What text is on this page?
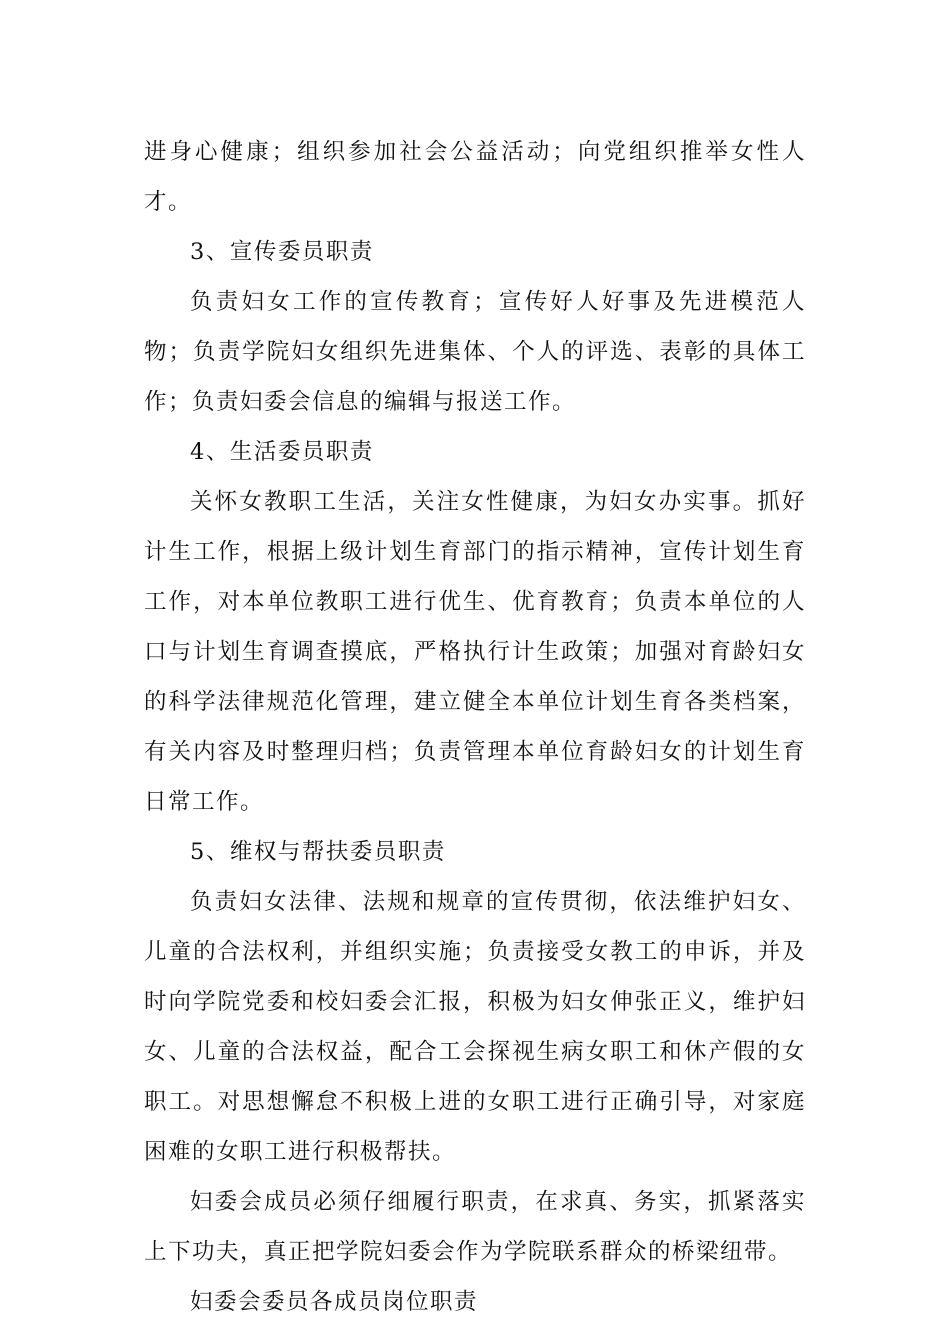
进身心健康；组织参加社会公益活动；向党组织推举女性人才。

3、宣传委员职责

负责妇女工作的宣传教育；宣传好人好事及先进模范人物；负责学院妇女组织先进集体、个人的评选、表彰的具体工作；负责妇委会信息的编辑与报送工作。

4、生活委员职责

关怀女教职工生活，关注女性健康，为妇女办实事。抓好计生工作，根据上级计划生育部门的指示精神，宣传计划生育工作，对本单位教职工进行优生、优育教育；负责本单位的人口与计划生育调查摸底，严格执行计生政策；加强对育龄妇女的科学法律规范化管理，建立健全本单位计划生育各类档案，有关内容及时整理归档；负责管理本单位育龄妇女的计划生育日常工作。

5、维权与帮扶委员职责

负责妇女法律、法规和规章的宣传贯彻，依法维护妇女、儿童的合法权利，并组织实施；负责接受女教工的申诉，并及时向学院党委和校妇委会汇报，积极为妇女伸张正义，维护妇女、儿童的合法权益，配合工会探视生病女职工和休产假的女职工。对思想懈怠不积极上进的女职工进行正确引导，对家庭困难的女职工进行积极帮扶。

妇委会成员必须仔细履行职责，在求真、务实，抓紧落实上下功夫，真正把学院妇委会作为学院联系群众的桥梁纽带。

妇委会委员各成员岗位职责
